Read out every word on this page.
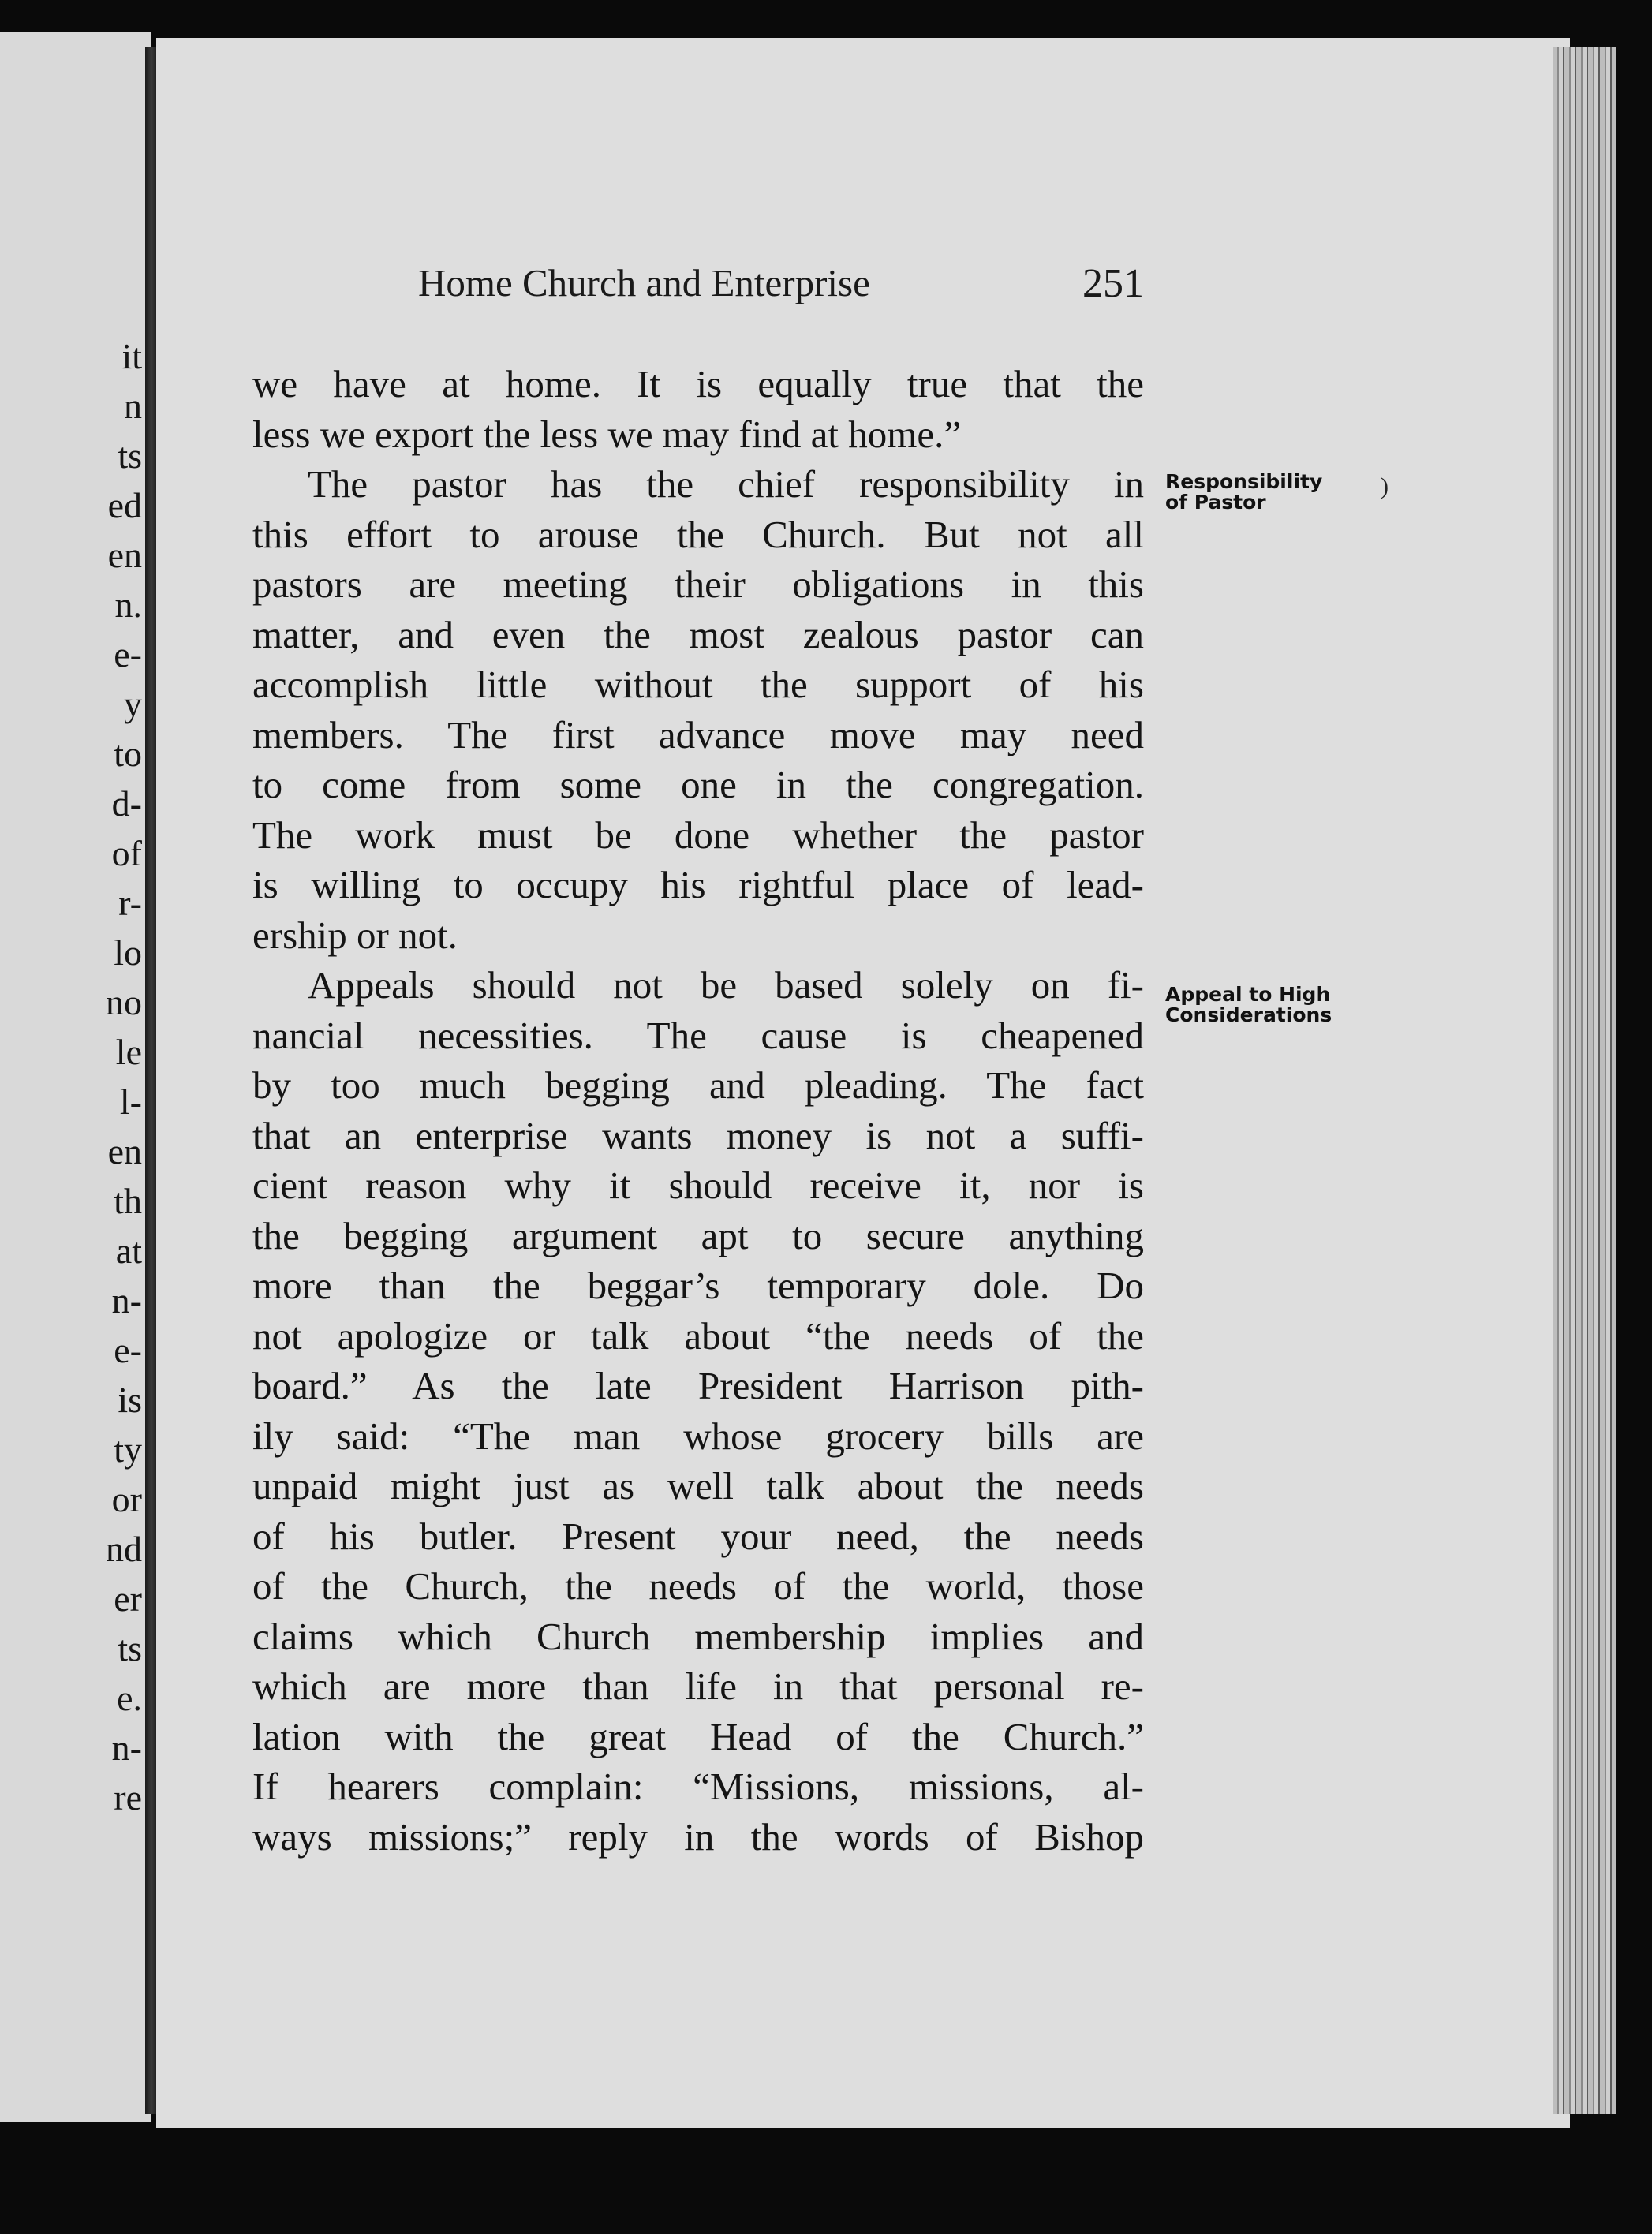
it
n
ts
ed
en
n.
e-
y
to
d-
of
r-
lo
no
le
l-
en
th
at
n-
e-
is
ty
or
nd
er
ts
e.
n-
re
Home Church and Enterprise	251
we have at home. It is equally true that the
less we export the less we may find at home.”
The pastor has the chief responsibility in
this effort to arouse the Church. But not all
pastors are meeting their obligations in this
matter, and even the most zealous pastor can
accomplish little without the support of his
members. The first advance move may need
to come from some one in the congregation.
The work must be done whether the pastor
is willing to occupy his rightful place of lead-
ership or not.
Appeals should not be based solely on fi-
nancial necessities. The cause is cheapened
by too much begging and pleading. The fact
that an enterprise wants money is not a suffi-
cient reason why it should receive it, nor is
the begging argument apt to secure anything
more than the beggar’s temporary dole. Do
not apologize or talk about “the needs of the
board.” As the late President Harrison pith-
ily said: “The man whose grocery bills are
unpaid might just as well talk about the needs
of his butler. Present your need, the needs
of the Church, the needs of the world, those
claims which Church membership implies and
which are more than life in that personal re-
lation with the great Head of the Church.”
If hearers complain: “Missions, missions, al-
ways missions;” reply in the words of Bishop
Responsibility
of Pastor
)
Appeal to High
Considerations
